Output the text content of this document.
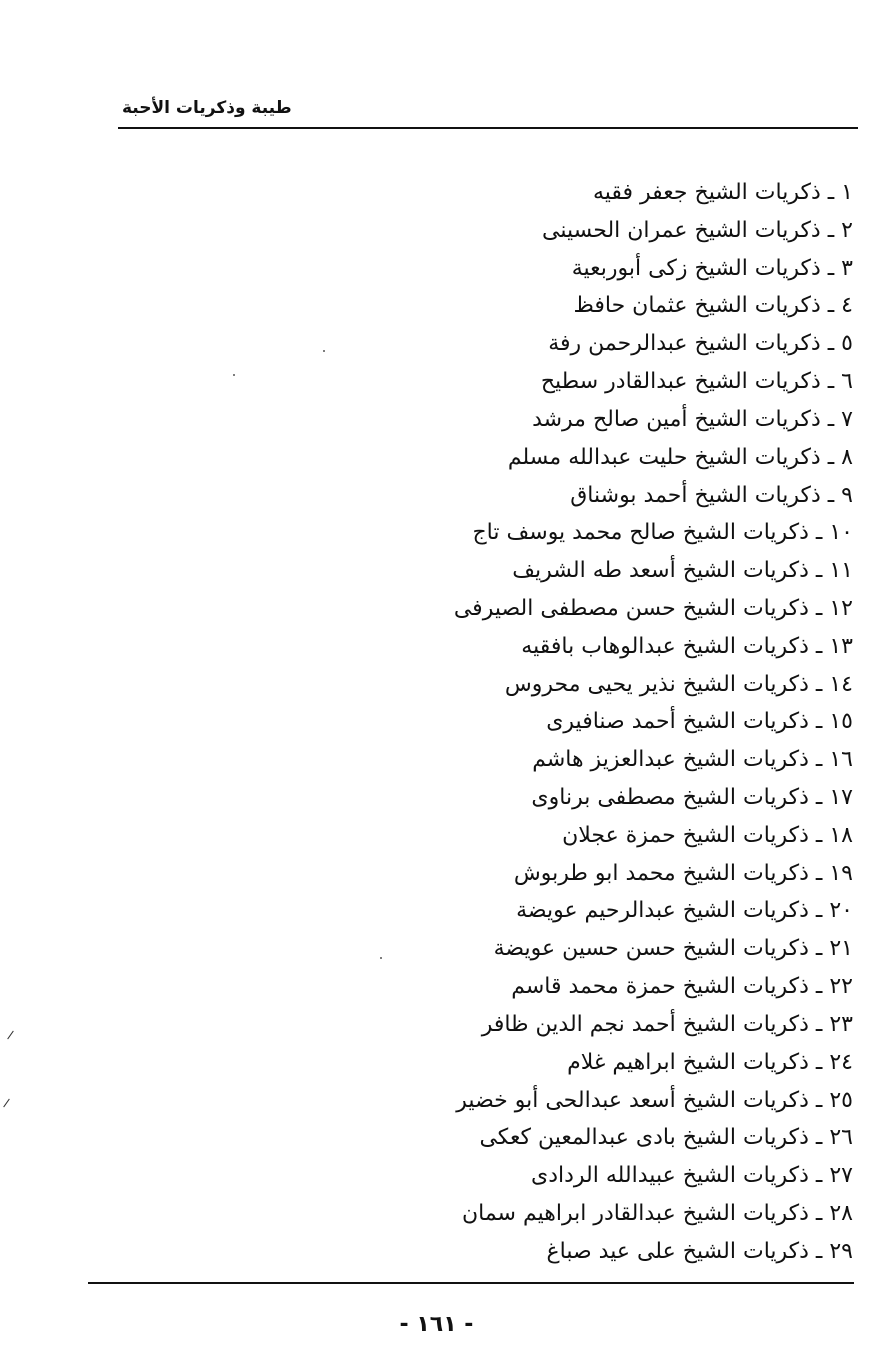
طيبة وذكريات الأحبة
١ ـ ذكريات الشيخ جعفر فقيه
٢ ـ ذكريات الشيخ عمران الحسينى
٣ ـ ذكريات الشيخ زكى أبوربعية
٤ ـ ذكريات الشيخ عثمان حافظ
٥ ـ ذكريات الشيخ عبدالرحمن رفة
٦ ـ ذكريات الشيخ عبدالقادر سطيح
٧ ـ ذكريات الشيخ أمين صالح مرشد
٨ ـ ذكريات الشيخ حليت عبدالله مسلم
٩ ـ ذكريات الشيخ أحمد بوشناق
١٠ ـ ذكريات الشيخ صالح محمد يوسف تاج
١١ ـ ذكريات الشيخ أسعد طه الشريف
١٢ ـ ذكريات الشيخ حسن مصطفى الصيرفى
١٣ ـ ذكريات الشيخ عبدالوهاب بافقيه
١٤ ـ ذكريات الشيخ نذير يحيى محروس
١٥ ـ ذكريات الشيخ أحمد صنافيرى
١٦ ـ ذكريات الشيخ عبدالعزيز هاشم
١٧ ـ ذكريات الشيخ مصطفى برناوى
١٨ ـ ذكريات الشيخ حمزة عجلان
١٩ ـ ذكريات الشيخ محمد ابو طربوش
٢٠ ـ ذكريات الشيخ عبدالرحيم عويضة
٢١ ـ ذكريات الشيخ حسن حسين عويضة
٢٢ ـ ذكريات الشيخ حمزة محمد قاسم
٢٣ ـ ذكريات الشيخ أحمد نجم الدين ظافر
٢٤ ـ ذكريات الشيخ ابراهيم غلام
٢٥ ـ ذكريات الشيخ أسعد عبدالحى أبو خضير
٢٦ ـ ذكريات الشيخ بادى عبدالمعين كعكى
٢٧ ـ ذكريات الشيخ عبيدالله الردادى
٢٨ ـ ذكريات الشيخ عبدالقادر ابراهيم سمان
٢٩ ـ ذكريات الشيخ على عيد صباغ
- ١٦١ -
